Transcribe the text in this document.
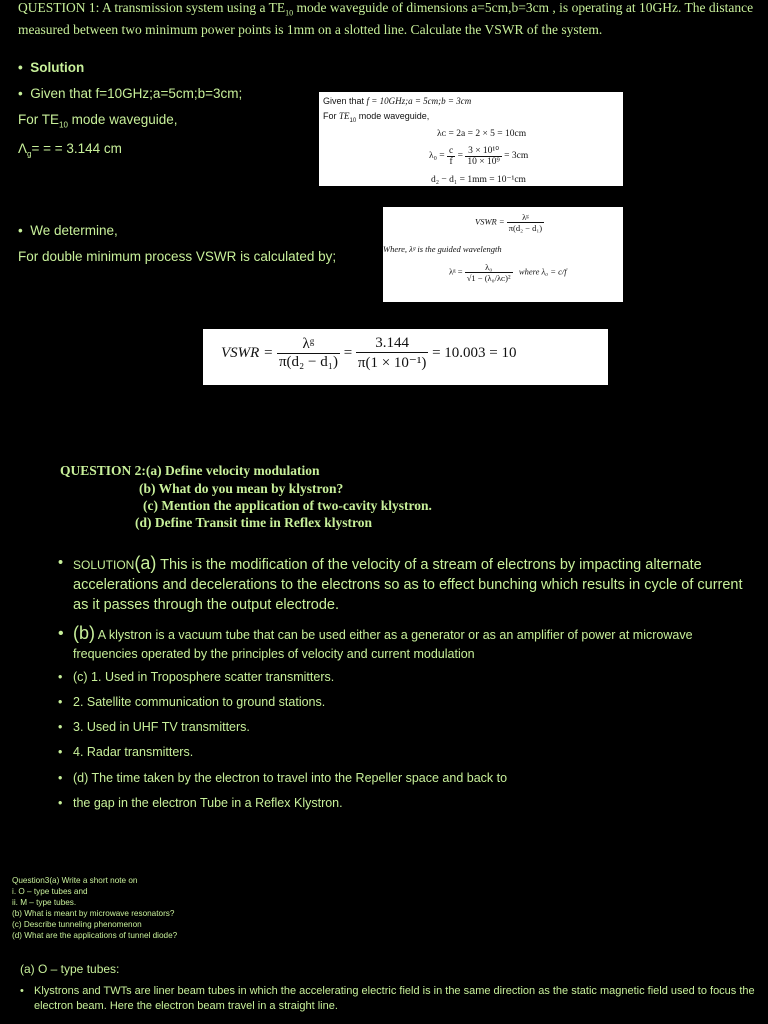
QUESTION 1: A transmission system using a $TE_{10}$ mode waveguide of dimensions a=5cm,b=3cm , is operating at 10GHz. The distance measured between two minimum power points is 1mm on a slotted line. Calculate the VSWR of the system.
• Solution
• Given that f=10GHz;a=5cm;b=3cm;
For $TE_{10}$ mode waveguide,
$\Lambda_g=$ = = 3.144 cm
Given that f = 10GHz;a = 5cm;b = 3cm
For $TE_{10}$ mode waveguide,
λᴄ = 2a = 2 × 5 = 10cm
$\lambda_0 = \frac{c}{f} = \frac{\text{3 × 10¹⁰}}{\text{10 × 10⁹}} = 3cm$
d₂ − d₁ = 1mm = 10⁻¹cm
• We determine,
For double minimum process VSWR is calculated by;
VSWR = $\frac{\text{λᵍ}}{\text{π(d₂ − d₁)}}$
Where, λᵍ is the guided wavelength
λᵍ = $\frac{\text{λ₀}}{\text{√1 − (λ₀/λᴄ)²}}$ where λ₀ = c/f
VSWR = $\frac{\text{λᵍ}}{\text{π(d₂ − d₁)}} = \frac{3.144}{\text{π(1 × 10⁻¹)}} = 10.003 = 10$
QUESTION 2:(a) Define velocity modulation
(b) What do you mean by klystron?
(c) Mention the application of two-cavity klystron.
(d) Define Transit time in Reflex klystron
• SOLUTION(a) This is the modification of the velocity of a stream of electrons by impacting alternate accelerations and decelerations to the electrons so as to effect bunching which results in cycle of current as it passes through the output electrode.
• (b) A klystron is a vacuum tube that can be used either as a generator or as an amplifier of power at microwave frequencies operated by the principles of velocity and current modulation
• (c) 1. Used in Troposphere scatter transmitters.
• 2. Satellite communication to ground stations.
• 3. Used in UHF TV transmitters.
• 4. Radar transmitters.
• (d) The time taken by the electron to travel into the Repeller space and back to
• the gap in the electron Tube in a Reflex Klystron.
Question3(a) Write a short note on
i. O – type tubes and
ii. M – type tubes.
(b) What is meant by microwave resonators?
(c) Describe tunneling phenomenon
(d) What are the applications of tunnel diode?
(a) O – type tubes:
• Klystrons and TWTs are liner beam tubes in which the accelerating electric field is in the same direction as the static magnetic field used to focus the electron beam. Here the electron beam travel in a straight line.
